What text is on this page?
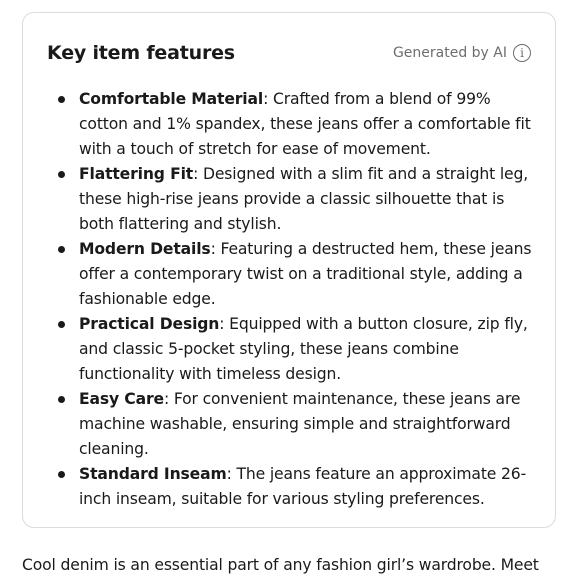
Key item features	Generated by AI	i
Comfortable Material: Crafted from a blend of 99% cotton and 1% spandex, these jeans offer a comfortable fit with a touch of stretch for ease of movement.
Flattering Fit: Designed with a slim fit and a straight leg, these high-rise jeans provide a classic silhouette that is both flattering and stylish.
Modern Details: Featuring a destructed hem, these jeans offer a contemporary twist on a traditional style, adding a fashionable edge.
Practical Design: Equipped with a button closure, zip fly, and classic 5-pocket styling, these jeans combine functionality with timeless design.
Easy Care: For convenient maintenance, these jeans are machine washable, ensuring simple and straightforward cleaning.
Standard Inseam: The jeans feature an approximate 26-inch inseam, suitable for various styling preferences.
Cool denim is an essential part of any fashion girl’s wardrobe. Meet
